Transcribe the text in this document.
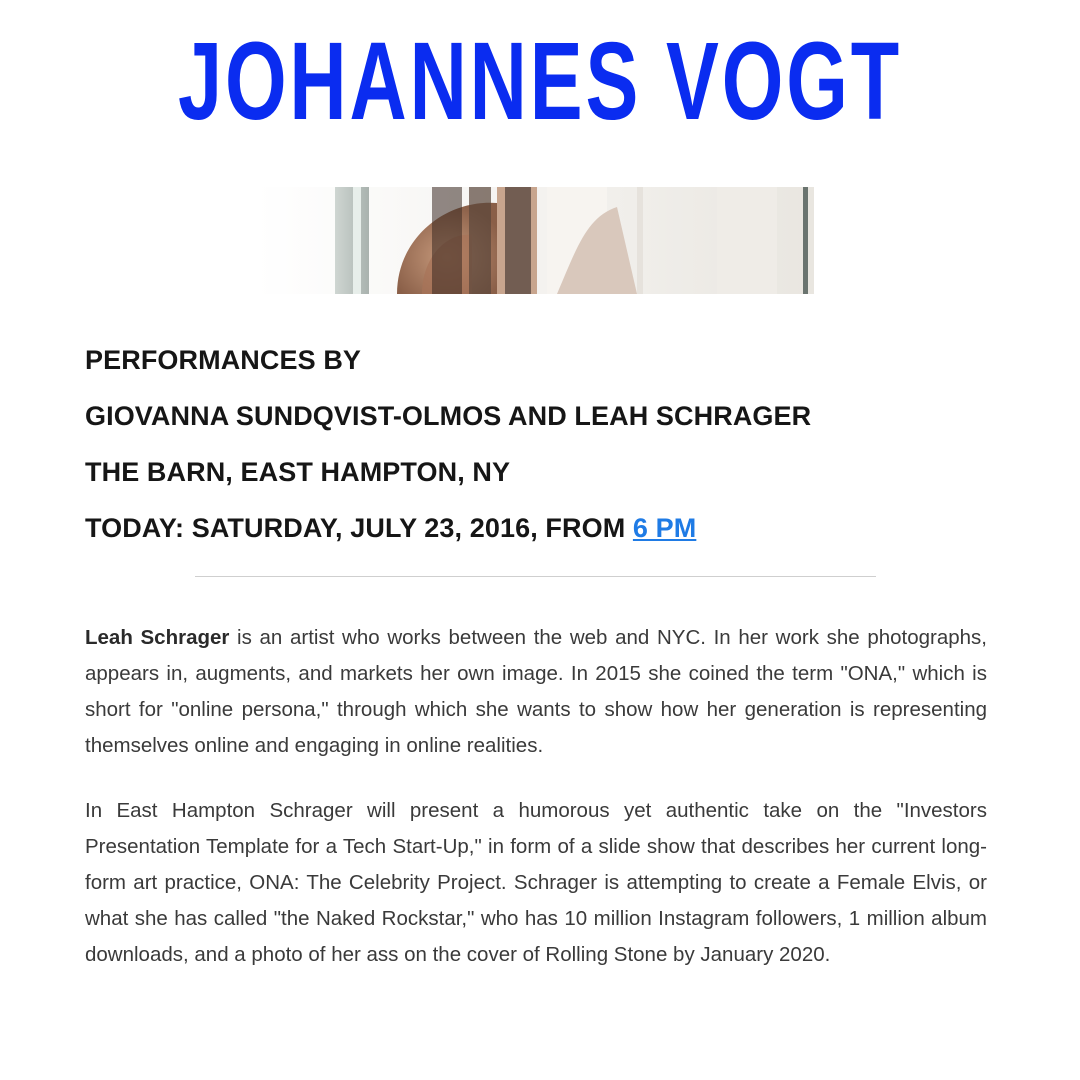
JOHANNES VOGT
PERFORMANCES BY
GIOVANNA SUNDQVIST-OLMOS AND LEAH SCHRAGER
THE BARN, EAST HAMPTON, NY
TODAY: SATURDAY, JULY 23, 2016, FROM 6 PM

Leah Schrager is an artist who works between the web and NYC. In her work she photographs, appears in, augments, and markets her own image. In 2015 she coined the term "ONA," which is short for "online persona," through which she wants to show how her generation is representing themselves online and engaging in online realities.

In East Hampton Schrager will present a humorous yet authentic take on the "Investors Presentation Template for a Tech Start-Up," in form of a slide show that describes her current long-form art practice, ONA: The Celebrity Project. Schrager is attempting to create a Female Elvis, or what she has called "the Naked Rockstar," who has 10 million Instagram followers, 1 million album downloads, and a photo of her ass on the cover of Rolling Stone by January 2020.
